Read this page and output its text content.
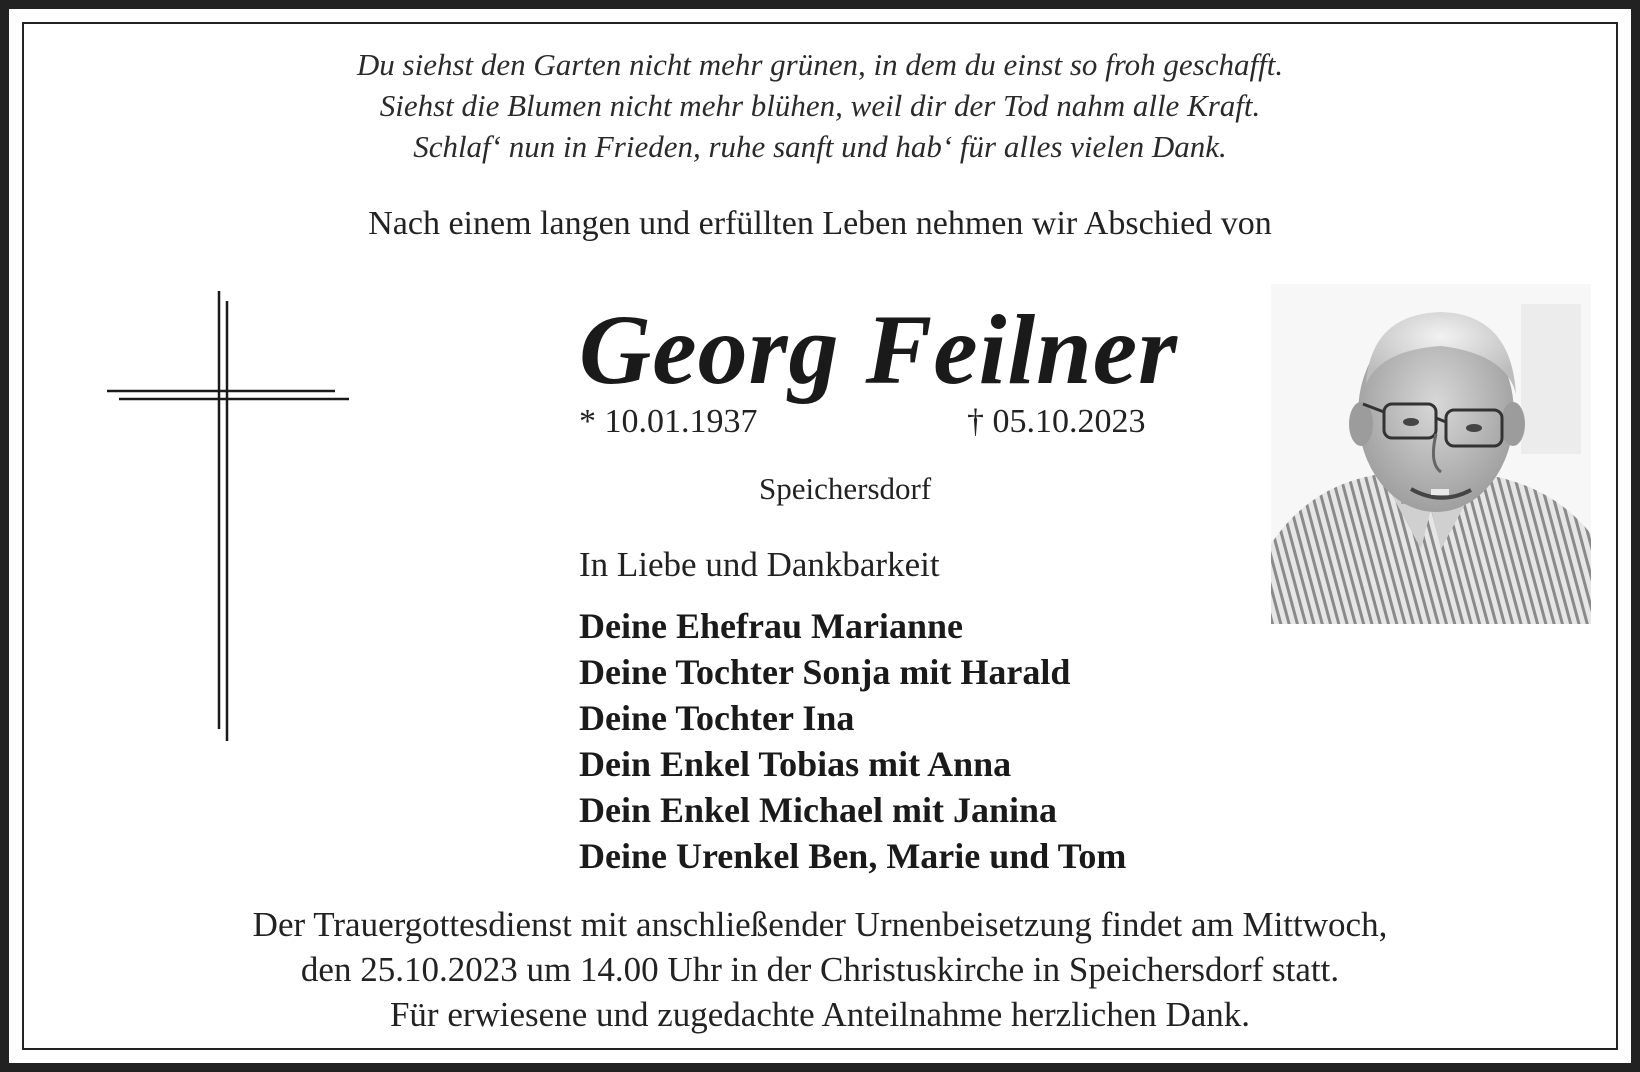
Du siehst den Garten nicht mehr grünen, in dem du einst so froh geschafft.
Siehst die Blumen nicht mehr blühen, weil dir der Tod nahm alle Kraft.
Schlaf‘ nun in Frieden, ruhe sanft und hab‘ für alles vielen Dank.
Nach einem langen und erfüllten Leben nehmen wir Abschied von
Georg Feilner
* 10.01.1937	† 05.10.2023
Speichersdorf
In Liebe und Dankbarkeit
Deine Ehefrau Marianne
Deine Tochter Sonja mit Harald
Deine Tochter Ina
Dein Enkel Tobias mit Anna
Dein Enkel Michael mit Janina
Deine Urenkel Ben, Marie und Tom
Der Trauergottesdienst mit anschließender Urnenbeisetzung findet am Mittwoch,
den 25.10.2023 um 14.00 Uhr in der Christuskirche in Speichersdorf statt.
Für erwiesene und zugedachte Anteilnahme herzlichen Dank.
